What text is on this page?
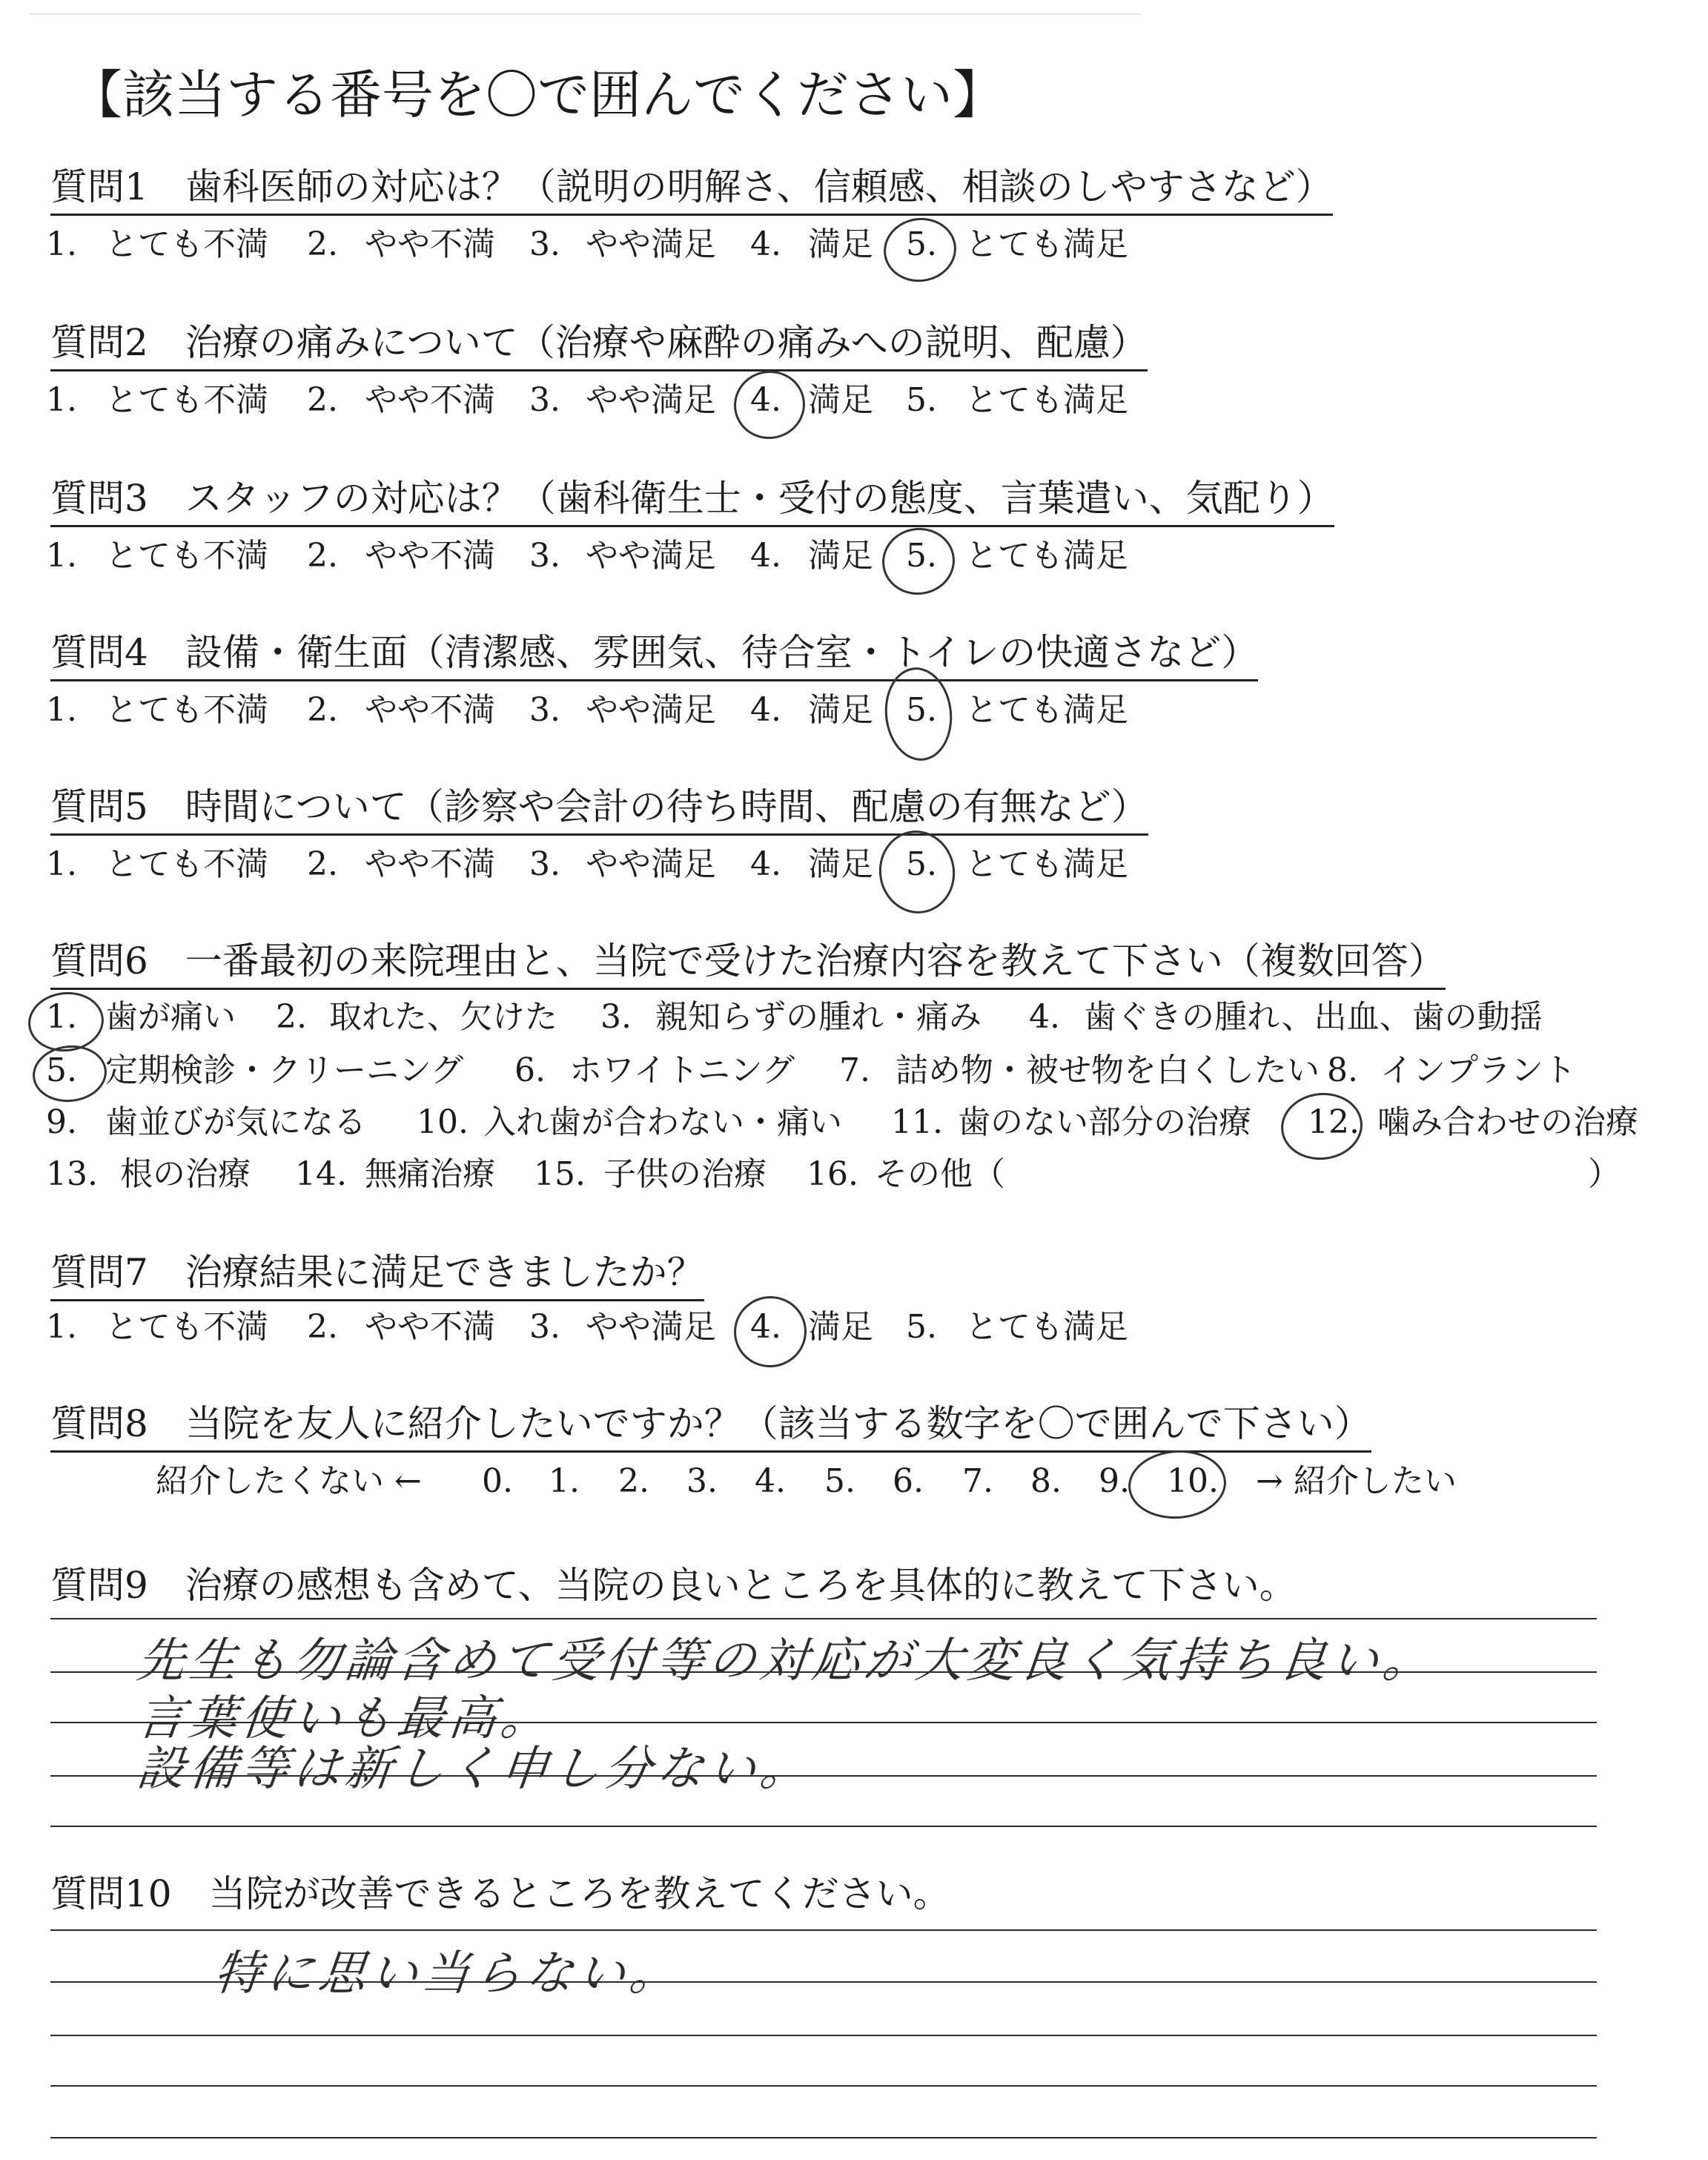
【該当する番号を〇で囲んでください】
質問1　歯科医師の対応は？（説明の明解さ、信頼感、相談のしやすさなど）
1. とても不満 2. やや不満 3. やや満足 4. 満足 5. とても満足
質問2　治療の痛みについて（治療や麻酔の痛みへの説明、配慮）
1. とても不満 2. やや不満 3. やや満足 4. 満足 5. とても満足
質問3　スタッフの対応は？（歯科衛生士・受付の態度、言葉遣い、気配り）
1. とても不満 2. やや不満 3. やや満足 4. 満足 5. とても満足
質問4　設備・衛生面（清潔感、雰囲気、待合室・トイレの快適さなど）
1. とても不満 2. やや不満 3. やや満足 4. 満足 5. とても満足
質問5　時間について（診察や会計の待ち時間、配慮の有無など）
1. とても不満 2. やや不満 3. やや満足 4. 満足 5. とても満足
質問6　一番最初の来院理由と、当院で受けた治療内容を教えて下さい（複数回答）
1. 歯が痛い 2. 取れた、欠けた 3. 親知らずの腫れ・痛み 4. 歯ぐきの腫れ、出血、歯の動揺
5. 定期検診・クリーニング 6. ホワイトニング 7. 詰め物・被せ物を白くしたい 8. インプラント
9. 歯並びが気になる 10. 入れ歯が合わない・痛い 11. 歯のない部分の治療 12. 噛み合わせの治療
13. 根の治療 14. 無痛治療 15. 子供の治療 16. その他（	）
質問7　治療結果に満足できましたか？
1. とても不満 2. やや不満 3. やや満足 4. 満足 5. とても満足
質問8　当院を友人に紹介したいですか？（該当する数字を〇で囲んで下さい）
紹介したくない ← 0. 1. 2. 3. 4. 5. 6. 7. 8. 9. 10. → 紹介したい
質問9　治療の感想も含めて、当院の良いところを具体的に教えて下さい。
先生も勿論含めて受付等の対応が大変良く気持ち良い。
言葉使いも最高。
設備等は新しく申し分ない。
質問10　当院が改善できるところを教えてください。
特に思い当らない。
